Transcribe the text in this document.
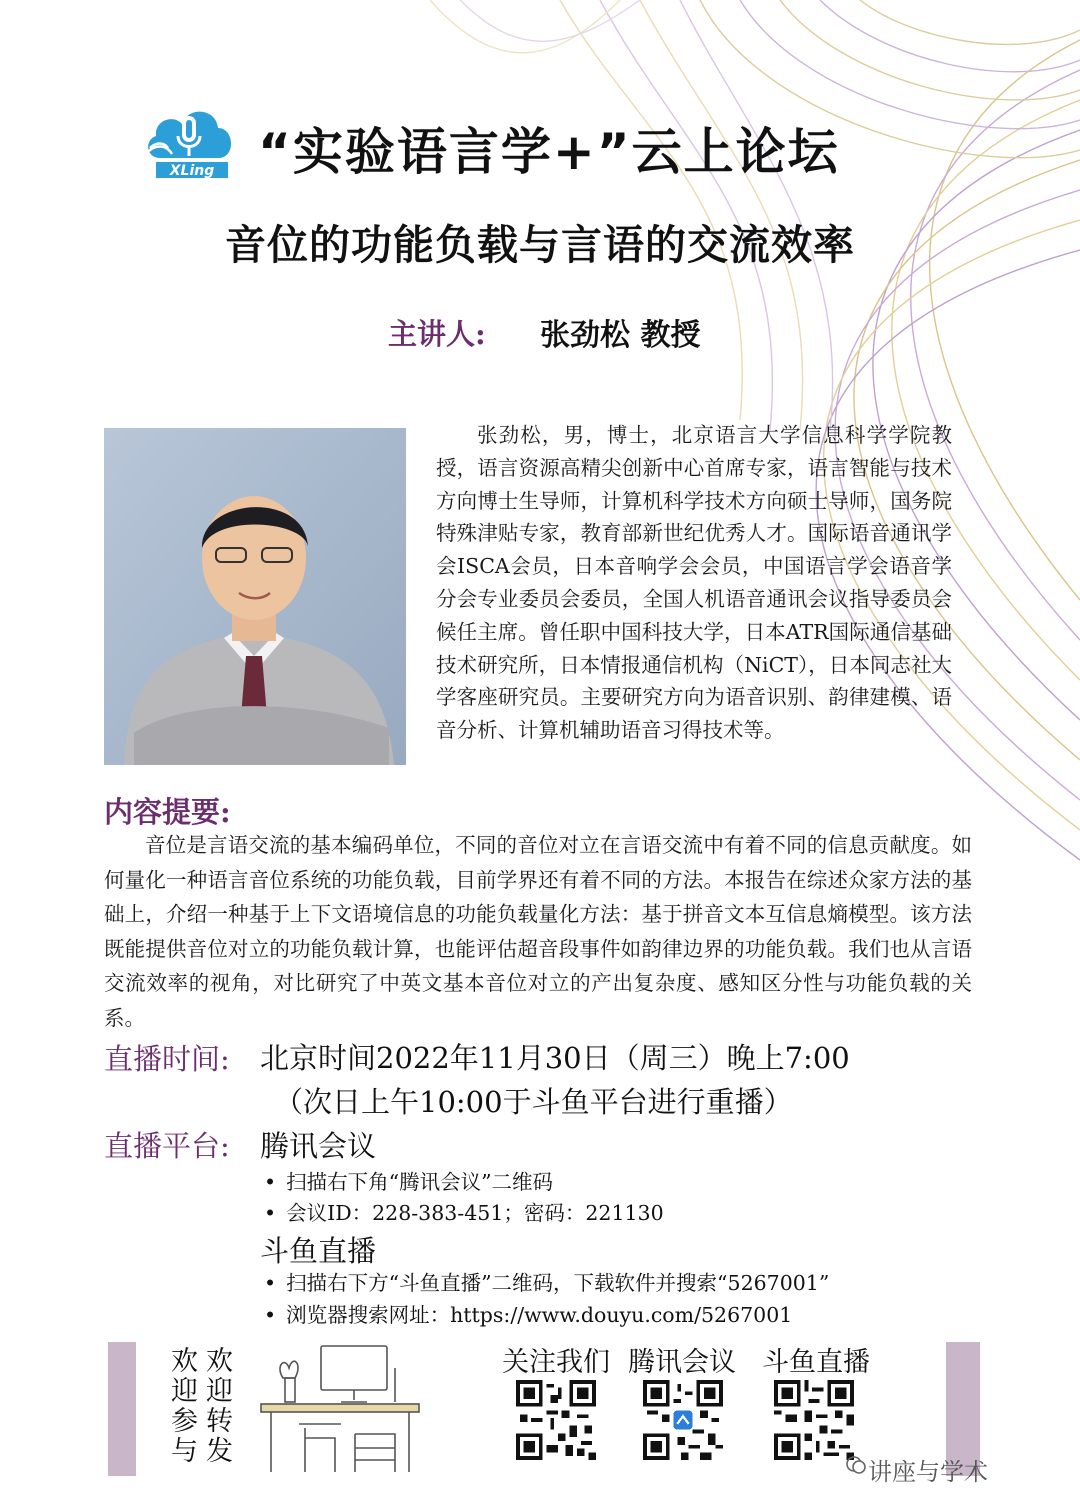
XLing “实验语言学+”云上论坛
音位的功能负载与言语的交流效率
主讲人: 张劲松 教授
张劲松，男，博士，北京语言大学信息科学学院教授，语言资源高精尖创新中心首席专家，语言智能与技术方向博士生导师，计算机科学技术方向硕士导师，国务院特殊津贴专家，教育部新世纪优秀人才。国际语音通讯学会ISCA会员，日本音响学会会员，中国语言学会语音学分会专业委员会委员，全国人机语音通讯会议指导委员会候任主席。曾任职中国科技大学，日本ATR国际通信基础技术研究所，日本情报通信机构（NiCT），日本同志社大学客座研究员。主要研究方向为语音识别、韵律建模、语音分析、计算机辅助语音习得技术等。
内容提要:
音位是言语交流的基本编码单位，不同的音位对立在言语交流中有着不同的信息贡献度。如何量化一种语言音位系统的功能负载，目前学界还有着不同的方法。本报告在综述众家方法的基础上，介绍一种基于上下文语境信息的功能负载量化方法：基于拼音文本互信息熵模型。该方法既能提供音位对立的功能负载计算，也能评估超音段事件如韵律边界的功能负载。我们也从言语交流效率的视角，对比研究了中英文基本音位对立的产出复杂度、感知区分性与功能负载的关系。
直播时间: 北京时间2022年11月30日（周三）晚上7:00
（次日上午10:00于斗鱼平台进行重播）
直播平台: 腾讯会议
• 扫描右下角“腾讯会议”二维码
• 会议ID：228-383-451；密码：221130
斗鱼直播
• 扫描右下方“斗鱼直播”二维码，下载软件并搜索“5267001”
• 浏览器搜索网址：https://www.douyu.com/5267001
欢迎转发
欢迎参与	关注我们 腾讯会议 斗鱼直播
讲座与学术
